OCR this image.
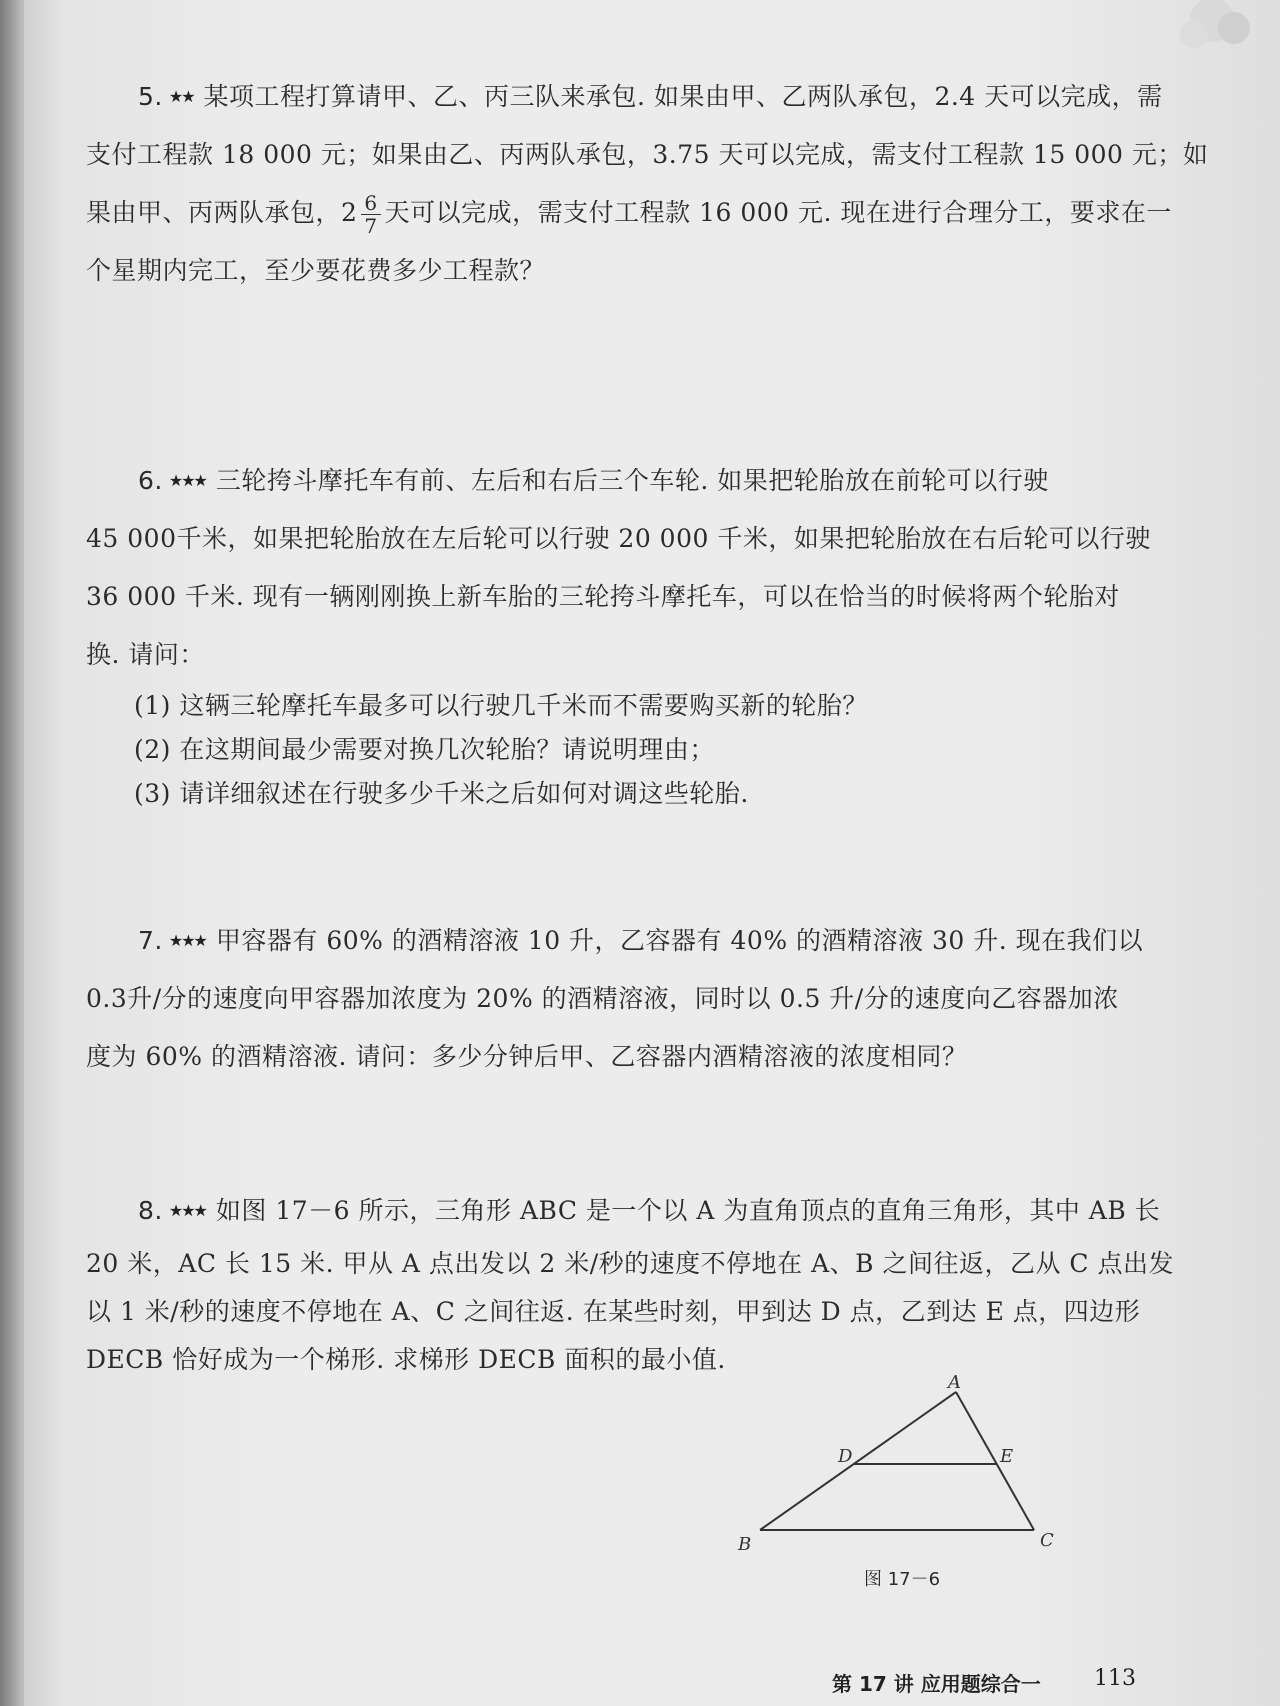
5. ★★ 某项工程打算请甲、乙、丙三队来承包. 如果由甲、乙两队承包，2.4 天可以完成，需
支付工程款 18 000 元；如果由乙、丙两队承包，3.75 天可以完成，需支付工程款 15 000 元；如
果由甲、丙两队承包，$2 \frac{6}{7}$ 天可以完成，需支付工程款 16 000 元. 现在进行合理分工，要求在一
个星期内完工，至少要花费多少工程款？
6. ★★★ 三轮挎斗摩托车有前、左后和右后三个车轮. 如果把轮胎放在前轮可以行驶
45 000千米，如果把轮胎放在左后轮可以行驶 20 000 千米，如果把轮胎放在右后轮可以行驶
36 000 千米. 现有一辆刚刚换上新车胎的三轮挎斗摩托车，可以在恰当的时候将两个轮胎对
换. 请问：
(1) 这辆三轮摩托车最多可以行驶几千米而不需要购买新的轮胎？
(2) 在这期间最少需要对换几次轮胎？请说明理由；
(3) 请详细叙述在行驶多少千米之后如何对调这些轮胎.
7. ★★★ 甲容器有 60% 的酒精溶液 10 升，乙容器有 40% 的酒精溶液 30 升. 现在我们以
0.3升/分的速度向甲容器加浓度为 20% 的酒精溶液，同时以 0.5 升/分的速度向乙容器加浓
度为 60% 的酒精溶液. 请问：多少分钟后甲、乙容器内酒精溶液的浓度相同？
8. ★★★ 如图 17－6 所示，三角形 ABC 是一个以 A 为直角顶点的直角三角形，其中 AB 长
20 米，AC 长 15 米. 甲从 A 点出发以 2 米/秒的速度不停地在 A、B 之间往返，乙从 C 点出发
以 1 米/秒的速度不停地在 A、C 之间往返. 在某些时刻，甲到达 D 点，乙到达 E 点，四边形
DECB 恰好成为一个梯形. 求梯形 DECB 面积的最小值.
A
B	C
D	E
图 17－6
第 17 讲 应用题综合一 113
